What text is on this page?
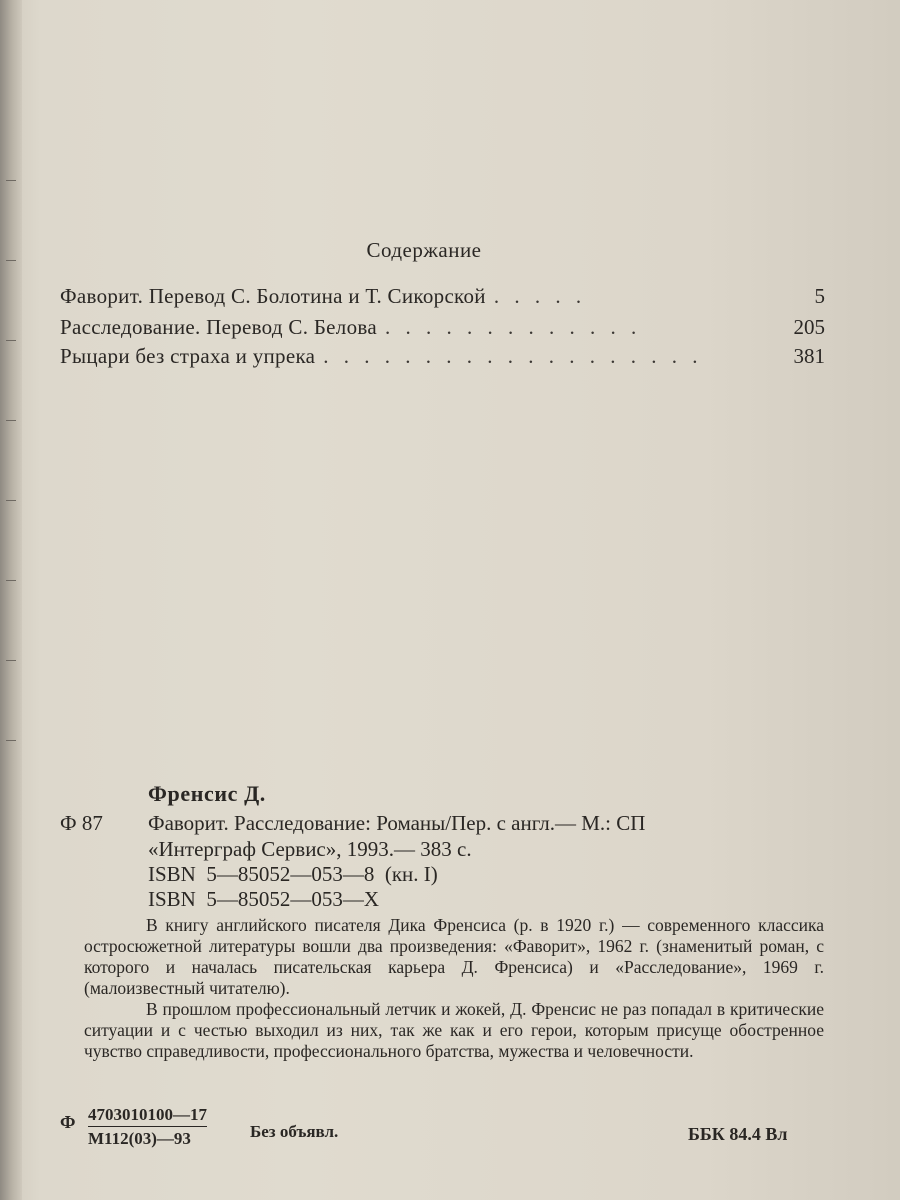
Содержание
Фаворит. Перевод С. Болотина и Т. Сикорской . . . . .	5
Расследование. Перевод С. Белова . . . . . . . . . . . . .	205
Рыцари без страха и упрека . . . . . . . . . . . . . . . . . . .	381
Френсис Д.
Ф 87 Фаворит. Расследование: Романы/Пер. с англ.— М.: СП
«Интерграф Сервис», 1993.— 383 с.
ISBN  5—85052—053—8  (кн. I)
ISBN  5—85052—053—X

В книгу английского писателя Дика Френсиса (р. в 1920 г.) — современного классика остросюжетной литературы вошли два произведения: «Фаворит», 1962 г. (знаменитый роман, с которого и началась писательская карьера Д. Френсиса) и «Расследование», 1969 г. (малоизвестный читателю).

В прошлом профессиональный летчик и жокей, Д. Френсис не раз попадал в критические ситуации и с честью выходил из них, так же как и его герои, которым присуще обостренное чувство справедливости, профессионального братства, мужества и человечности.

Ф 4703010100—17
М112(03)—93	Без объявл.	ББК 84.4 Вл
